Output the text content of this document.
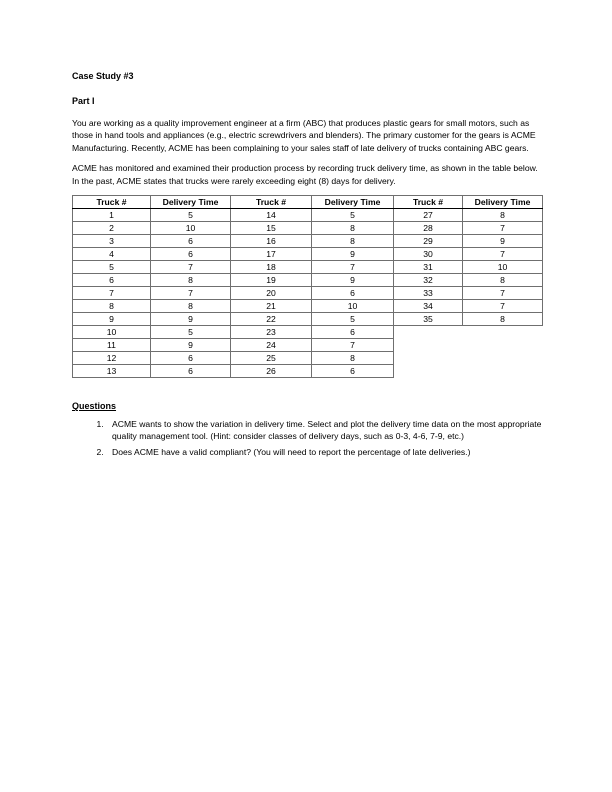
Case Study #3

Part I

You are working as a quality improvement engineer at a firm (ABC) that produces plastic gears for small motors, such as those in hand tools and appliances (e.g., electric screwdrivers and blenders). The primary customer for the gears is ACME Manufacturing. Recently, ACME has been complaining to your sales staff of late delivery of trucks containing ABC gears.

ACME has monitored and examined their production process by recording truck delivery time, as shown in the table below. In the past, ACME states that trucks were rarely exceeding eight (8) days for delivery.

Truck #	Delivery Time	Truck #	Delivery Time	Truck #	Delivery Time
1	5	14	5	27	8
2	10	15	8	28	7
3	6	16	8	29	9
4	6	17	9	30	7
5	7	18	7	31	10
6	8	19	9	32	8
7	7	20	6	33	7
8	8	21	10	34	7
9	9	22	5	35	8
10	5	23	6		
11	9	24	7		
12	6	25	8		
13	6	26	6		

Questions

1. ACME wants to show the variation in delivery time. Select and plot the delivery time data on the most appropriate quality management tool. (Hint: consider classes of delivery days, such as 0-3, 4-6, 7-9, etc.)
2. Does ACME have a valid compliant? (You will need to report the percentage of late deliveries.)
